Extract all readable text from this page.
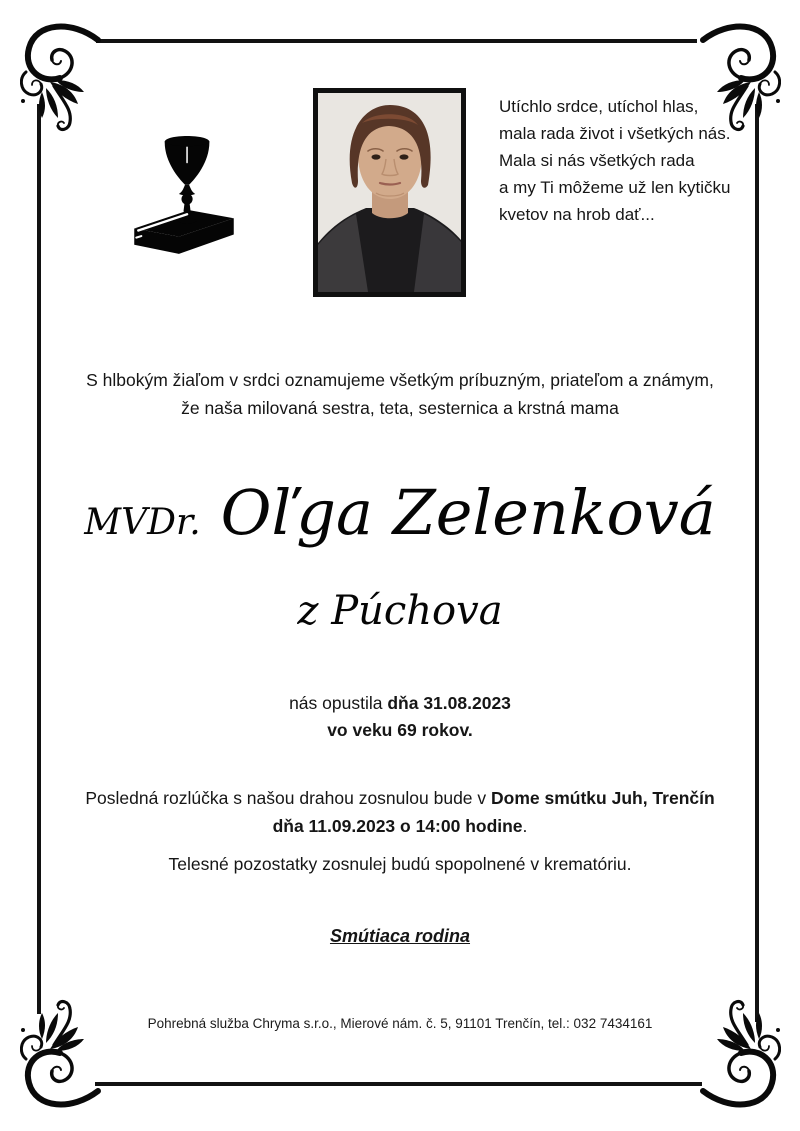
Utíchlo srdce, utíchol hlas,
mala rada život i všetkých nás.
Mala si nás všetkých rada
a my Ti môžeme už len kytičku
kvetov na hrob dať...
S hlbokým žiaľom v srdci oznamujeme všetkým príbuzným, priateľom a známym,
že naša milovaná sestra, teta, sesternica a krstná mama
MVDr. Oľga Zelenková
z Púchova
nás opustila dňa 31.08.2023
vo veku 69 rokov.
Posledná rozlúčka s našou drahou zosnulou bude v Dome smútku Juh, Trenčín
dňa 11.09.2023 o 14:00 hodine.
Telesné pozostatky zosnulej budú spopolnené v krematóriu.
Smútiaca rodina
Pohrebná služba Chryma s.r.o., Mierové nám. č. 5, 91101 Trenčín, tel.: 032 7434161
